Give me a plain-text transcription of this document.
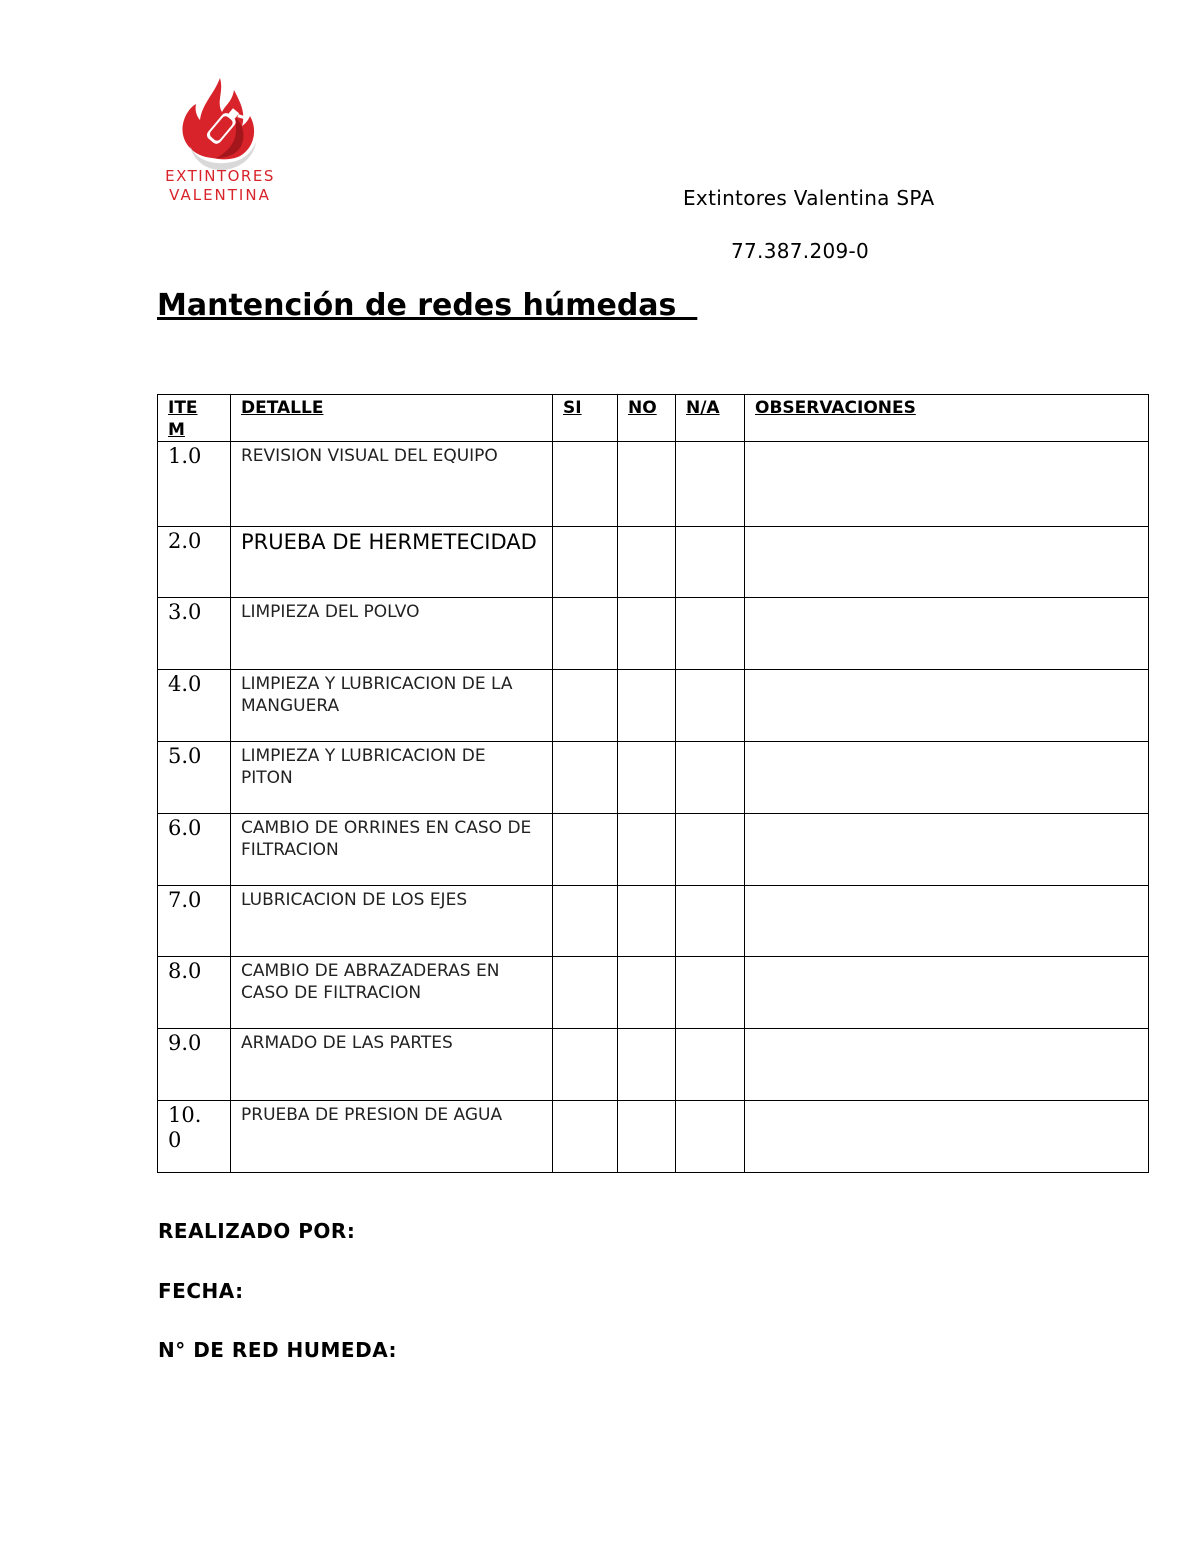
EXTINTORES
VALENTINA	Extintores Valentina SPA
77.387.209-0
Mantención de redes húmedas
ITEM	DETALLE	SI	NO	N/A	OBSERVACIONES

1.0	REVISION VISUAL DEL EQUIPO				

2.0	PRUEBA DE HERMETECIDAD				

3.0	LIMPIEZA DEL POLVO				

4.0	LIMPIEZA Y LUBRICACION DE LA MANGUERA				

5.0	LIMPIEZA Y LUBRICACION DE PITON				

6.0	CAMBIO DE ORRINES EN CASO DE FILTRACION				

7.0	LUBRICACION DE LOS EJES				

8.0	CAMBIO DE ABRAZADERAS EN CASO DE FILTRACION				

9.0	ARMADO DE LAS PARTES				

10.0	PRUEBA DE PRESION DE AGUA				

REALIZADO POR:
FECHA:
N° DE RED HUMEDA:
